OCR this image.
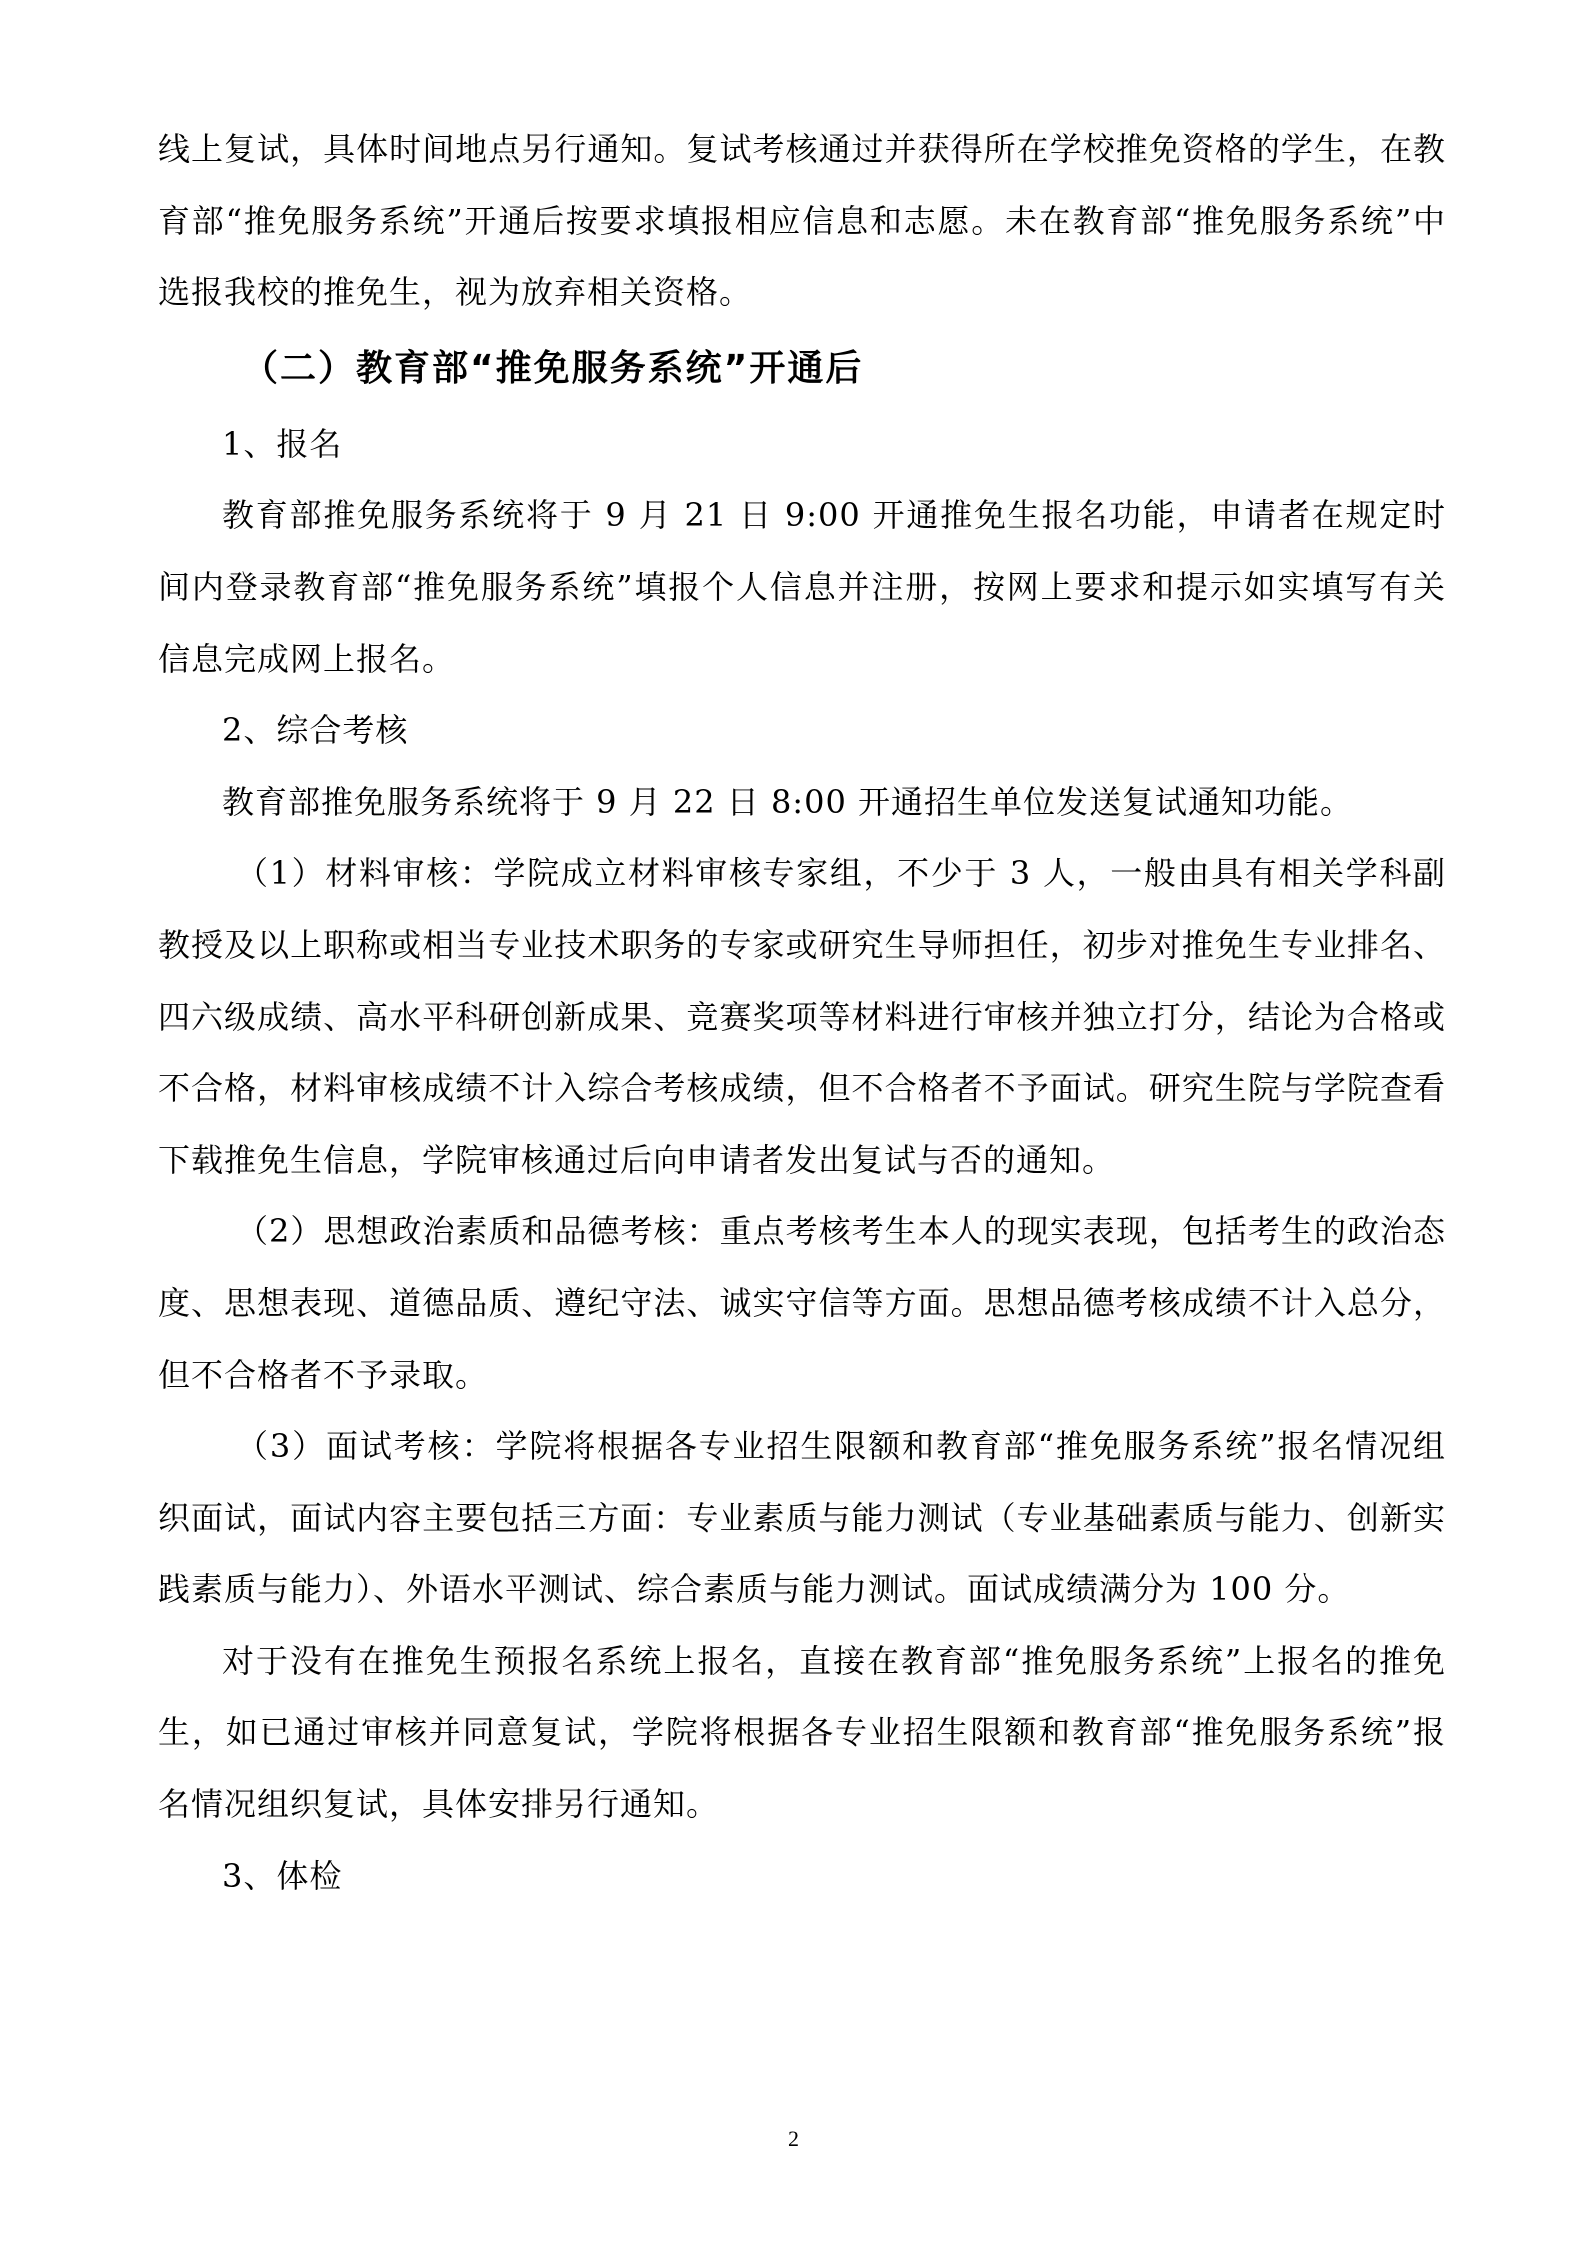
线上复试，具体时间地点另行通知。复试考核通过并获得所在学校推免资格的学生，在教育部“推免服务系统”开通后按要求填报相应信息和志愿。未在教育部“推免服务系统”中选报我校的推免生，视为放弃相关资格。

（二）教育部“推免服务系统”开通后

1、报名

教育部推免服务系统将于 9 月 21 日 9:00 开通推免生报名功能，申请者在规定时间内登录教育部“推免服务系统”填报个人信息并注册，按网上要求和提示如实填写有关信息完成网上报名。

2、综合考核

教育部推免服务系统将于 9 月 22 日 8:00 开通招生单位发送复试通知功能。

（1）材料审核：学院成立材料审核专家组，不少于 3 人，一般由具有相关学科副教授及以上职称或相当专业技术职务的专家或研究生导师担任，初步对推免生专业排名、四六级成绩、高水平科研创新成果、竞赛奖项等材料进行审核并独立打分，结论为合格或不合格，材料审核成绩不计入综合考核成绩，但不合格者不予面试。研究生院与学院查看下载推免生信息，学院审核通过后向申请者发出复试与否的通知。

（2）思想政治素质和品德考核：重点考核考生本人的现实表现，包括考生的政治态度、思想表现、道德品质、遵纪守法、诚实守信等方面。思想品德考核成绩不计入总分，但不合格者不予录取。

（3）面试考核：学院将根据各专业招生限额和教育部“推免服务系统”报名情况组织面试，面试内容主要包括三方面：专业素质与能力测试（专业基础素质与能力、创新实践素质与能力）、外语水平测试、综合素质与能力测试。面试成绩满分为 100 分。

对于没有在推免生预报名系统上报名，直接在教育部“推免服务系统”上报名的推免生，如已通过审核并同意复试，学院将根据各专业招生限额和教育部“推免服务系统”报名情况组织复试，具体安排另行通知。

3、体检

2
